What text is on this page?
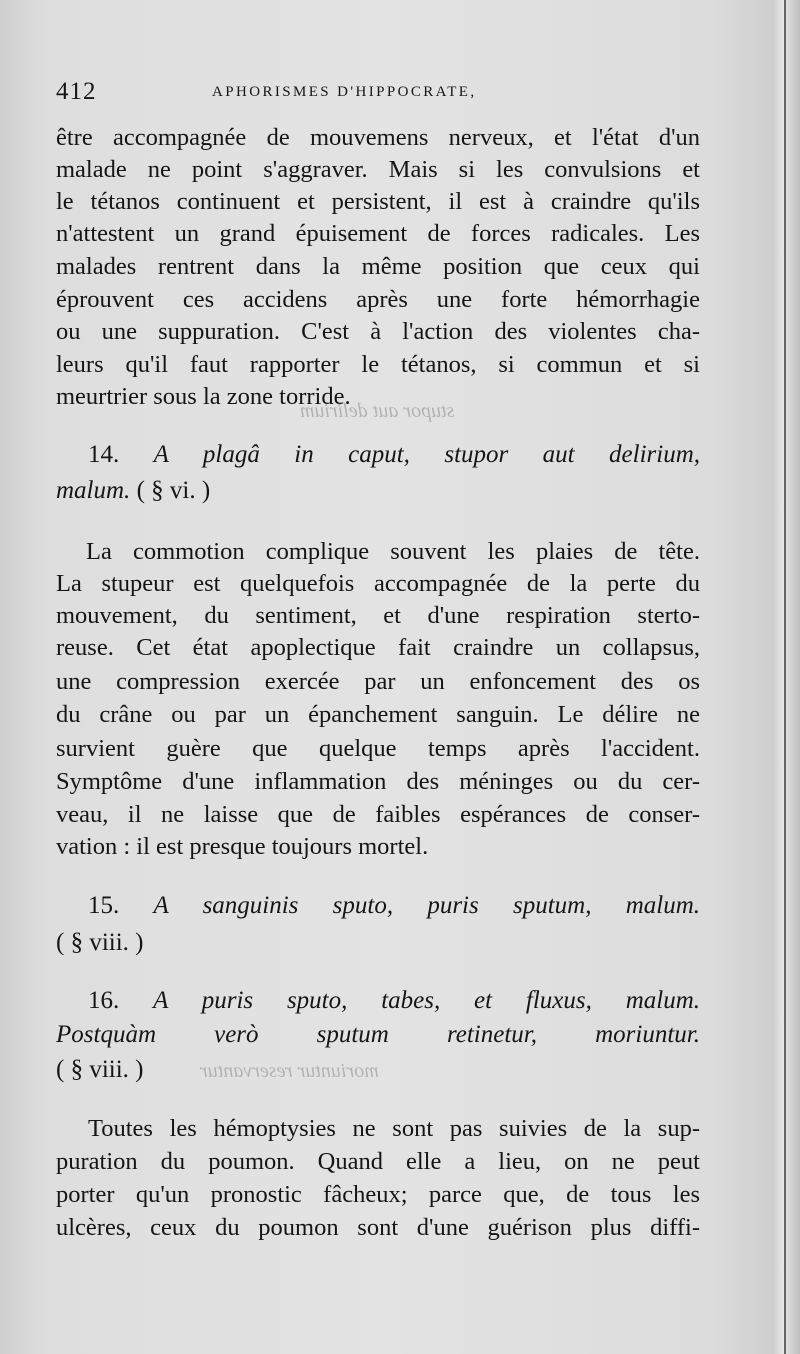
stupor aut delirium
moriuntur reservantur
412	APHORISMES D'HIPPOCRATE,
être accompagnée de mouvemens nerveux, et l'état d'un
malade ne point s'aggraver. Mais si les convulsions et
le tétanos continuent et persistent, il est à craindre qu'ils
n'attestent un grand épuisement de forces radicales. Les
malades rentrent dans la même position que ceux qui
éprouvent ces accidens après une forte hémorrhagie
ou une suppuration. C'est à l'action des violentes cha-
leurs qu'il faut rapporter le tétanos, si commun et si
meurtrier sous la zone torride.
14. A plagâ in caput, stupor aut delirium,
malum. ( § vi. )
La commotion complique souvent les plaies de tête.
La stupeur est quelquefois accompagnée de la perte du
mouvement, du sentiment, et d'une respiration sterto-
reuse. Cet état apoplectique fait craindre un collapsus,
une compression exercée par un enfoncement des os
du crâne ou par un épanchement sanguin. Le délire ne
survient guère que quelque temps après l'accident.
Symptôme d'une inflammation des méninges ou du cer-
veau, il ne laisse que de faibles espérances de conser-
vation : il est presque toujours mortel.
15. A sanguinis sputo, puris sputum, malum.
( § viii. )
16. A puris sputo, tabes, et fluxus, malum.
Postquàm verò sputum retinetur, moriuntur.
( § viii. )
Toutes les hémoptysies ne sont pas suivies de la sup-
puration du poumon. Quand elle a lieu, on ne peut
porter qu'un pronostic fâcheux; parce que, de tous les
ulcères, ceux du poumon sont d'une guérison plus diffi-
